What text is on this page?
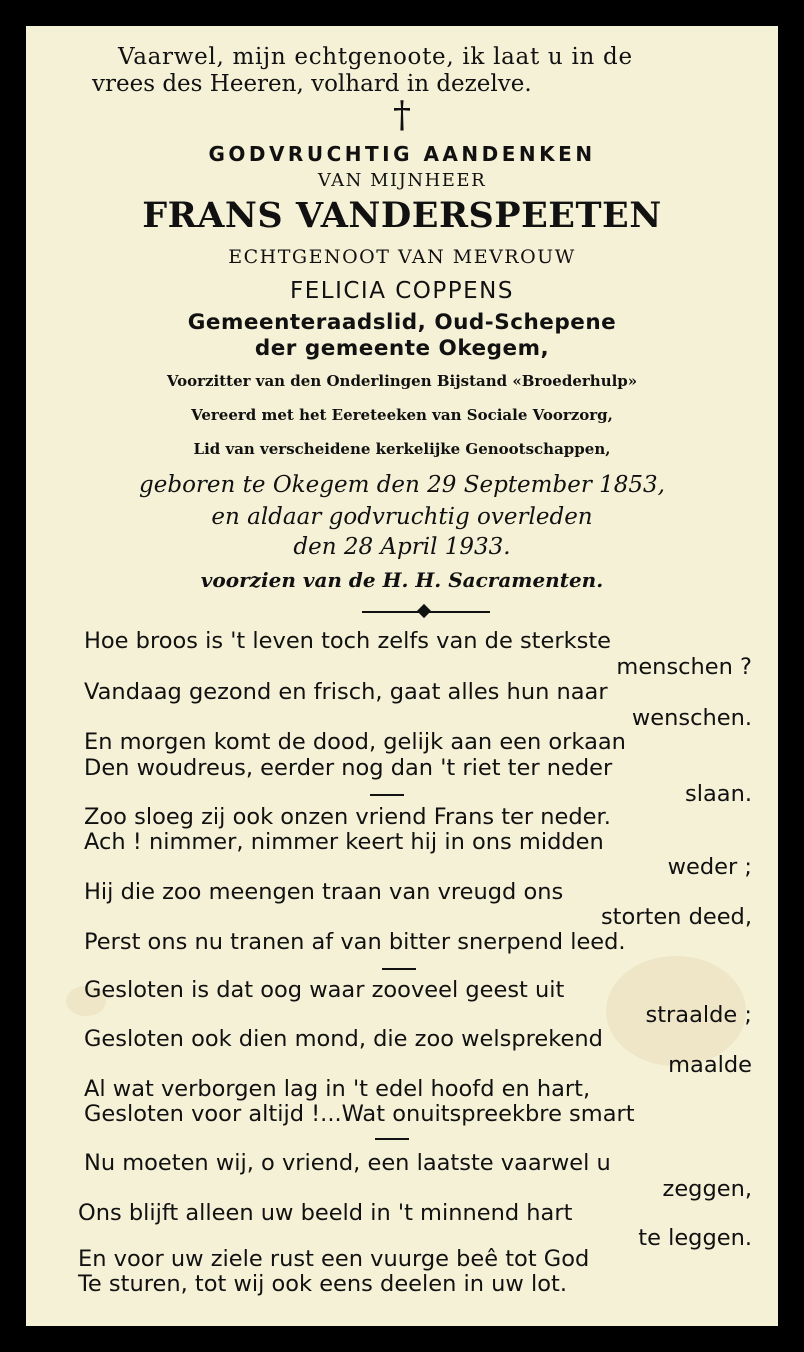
Vaarwel, mijn echtgenoote, ik laat u in de
vrees des Heeren, volhard in dezelve.
†
GODVRUCHTIG AANDENKEN
VAN MIJNHEER
FRANS VANDERSPEETEN
ECHTGENOOT VAN MEVROUW
FELICIA COPPENS
Gemeenteraadslid, Oud-Schepene
der gemeente Okegem,
Voorzitter van den Onderlingen Bijstand «Broederhulp»
Vereerd met het Eereteeken van Sociale Voorzorg,
Lid van verscheidene kerkelijke Genootschappen,
geboren te Okegem den 29 September 1853,
en aldaar godvruchtig overleden
den 28 April 1933.
voorzien van de H. H. Sacramenten.
Hoe broos is 't leven toch zelfs van de sterkste
menschen ?
Vandaag gezond en frisch, gaat alles hun naar
wenschen.
En morgen komt de dood, gelijk aan een orkaan
Den woudreus, eerder nog dan 't riet ter neder
slaan.
Zoo sloeg zij ook onzen vriend Frans ter neder.
Ach ! nimmer, nimmer keert hij in ons midden
weder ;
Hij die zoo meengen traan van vreugd ons
storten deed,
Perst ons nu tranen af van bitter snerpend leed.
Gesloten is dat oog waar zooveel geest uit
straalde ;
Gesloten ook dien mond, die zoo welsprekend
maalde
Al wat verborgen lag in 't edel hoofd en hart,
Gesloten voor altijd !...Wat onuitspreekbre smart
Nu moeten wij, o vriend, een laatste vaarwel u
zeggen,
Ons blijft alleen uw beeld in 't minnend hart
te leggen.
En voor uw ziele rust een vuurge beê tot God
Te sturen, tot wij ook eens deelen in uw lot.
